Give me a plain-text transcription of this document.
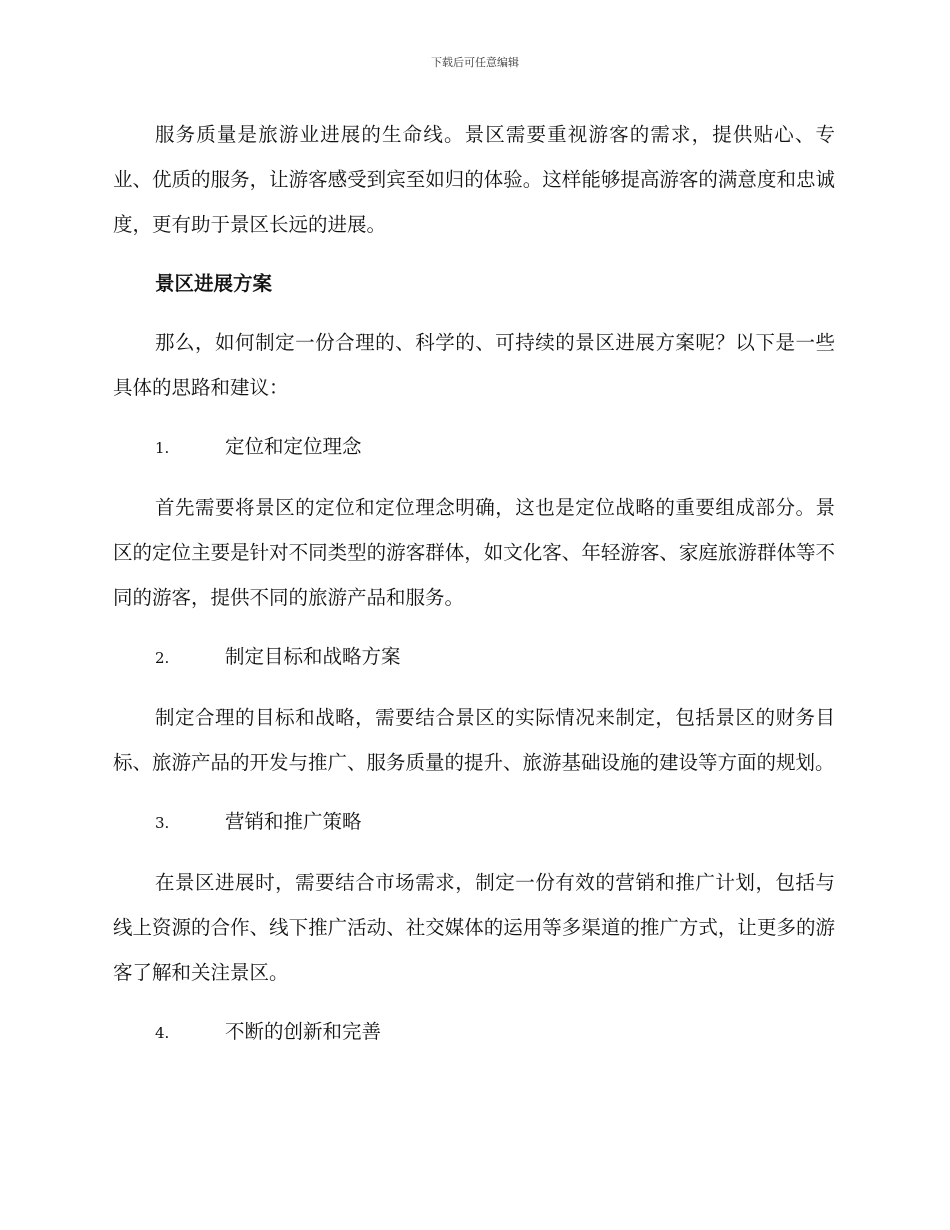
下载后可任意编辑

服务质量是旅游业进展的生命线。景区需要重视游客的需求，提供贴心、专业、优质的服务，让游客感受到宾至如归的体验。这样能够提高游客的满意度和忠诚度，更有助于景区长远的进展。

景区进展方案

那么，如何制定一份合理的、科学的、可持续的景区进展方案呢？以下是一些具体的思路和建议：

1.	定位和定位理念

首先需要将景区的定位和定位理念明确，这也是定位战略的重要组成部分。景区的定位主要是针对不同类型的游客群体，如文化客、年轻游客、家庭旅游群体等不同的游客，提供不同的旅游产品和服务。

2.	制定目标和战略方案

制定合理的目标和战略，需要结合景区的实际情况来制定，包括景区的财务目标、旅游产品的开发与推广、服务质量的提升、旅游基础设施的建设等方面的规划。

3.	营销和推广策略

在景区进展时，需要结合市场需求，制定一份有效的营销和推广计划，包括与线上资源的合作、线下推广活动、社交媒体的运用等多渠道的推广方式，让更多的游客了解和关注景区。

4.	不断的创新和完善
